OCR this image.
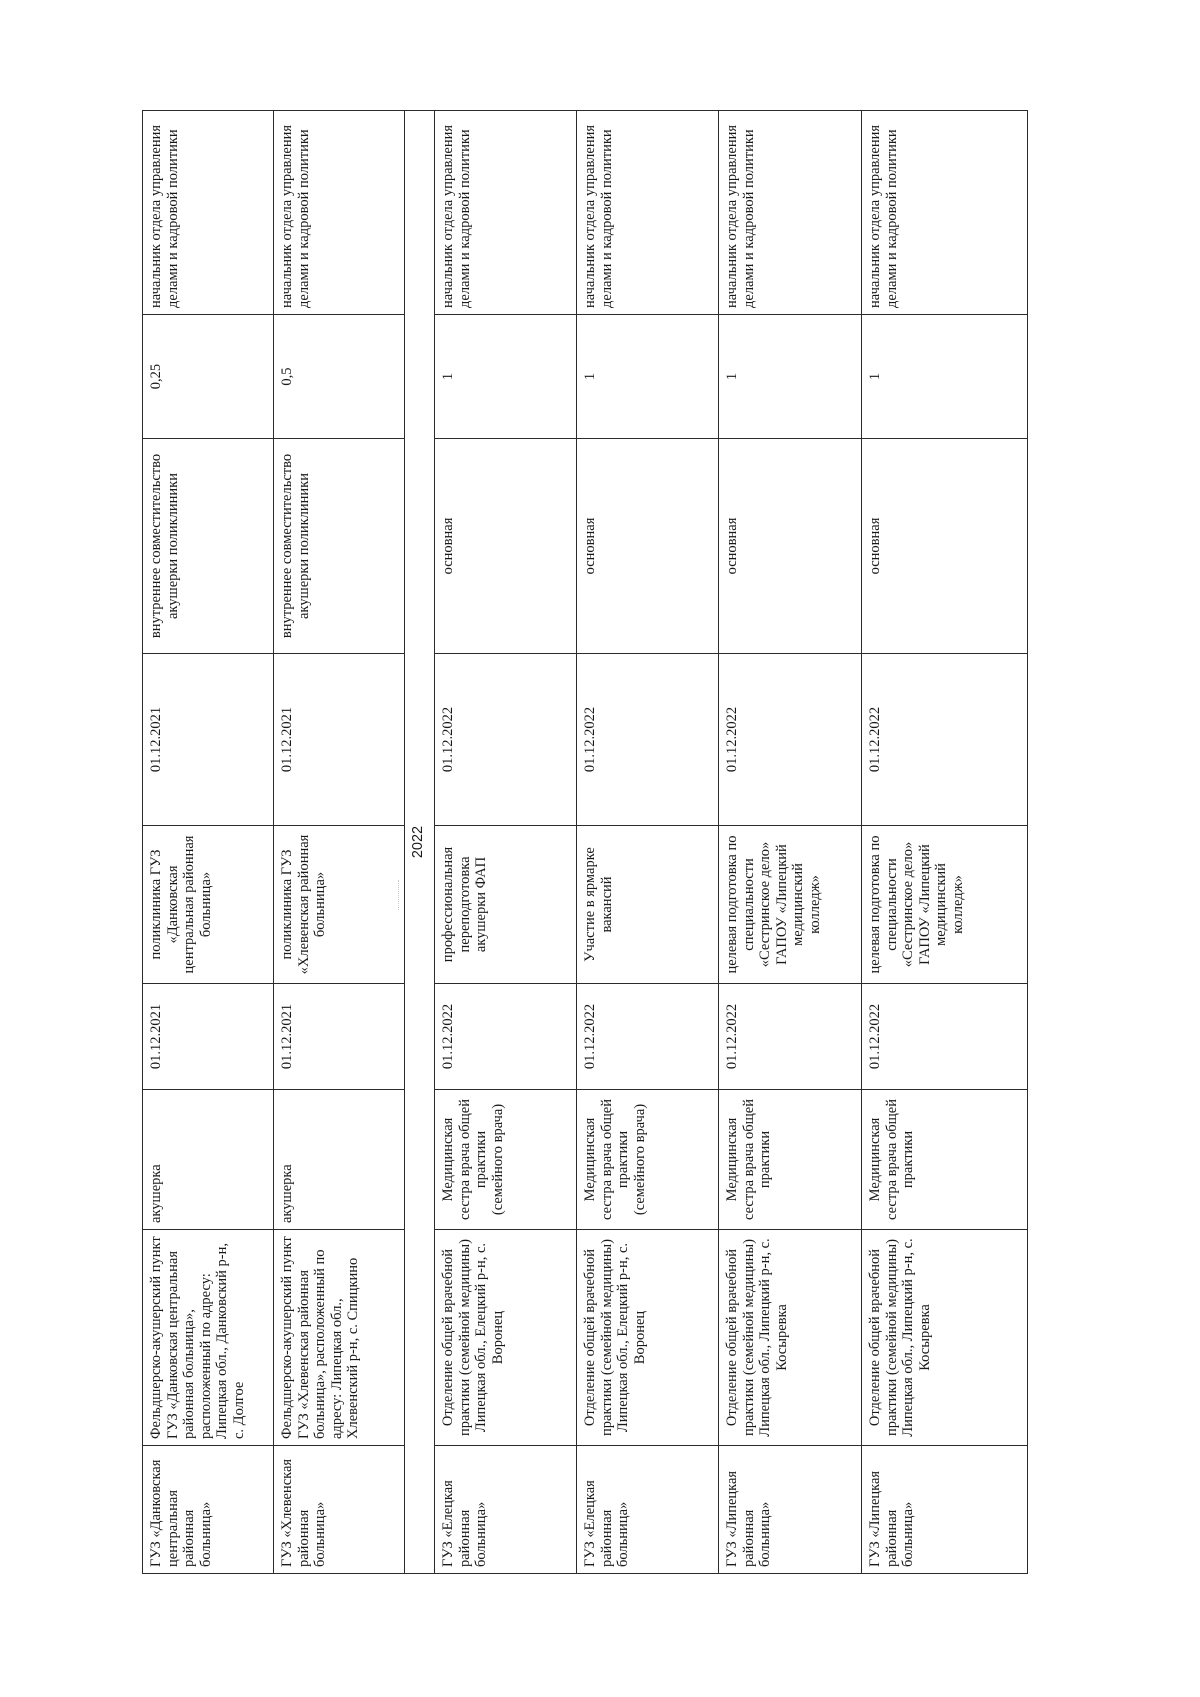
ГУЗ «Данковская центральная районная больница»	Фельдшерско-акушерский пункт ГУЗ «Данковская центральная районная больница», расположенный по адресу: Липецкая обл., Данковский р-н, с. Долгое	акушерка	01.12.2021	поликлиника ГУЗ «Данковская центральная районная больница»	01.12.2021	внутреннее совместительство акушерки поликлиники	0,25	начальник отдела управления делами и кадровой политики
ГУЗ «Хлевенская районная больница»	Фельдшерско-акушерский пункт ГУЗ «Хлевенская районная больница», расположенный по адресу: Липецкая обл., Хлевенский р-н, с. Спицкино	акушерка	01.12.2021	поликлиника ГУЗ «Хлевенская районная больница»	01.12.2021	внутреннее совместительство акушерки поликлиники	0,5	начальник отдела управления делами и кадровой политики
2022								
ГУЗ «Елецкая районная больница»	Отделение общей врачебной практики (семейной медицины) Липецкая обл., Елецкий р-н, с. Воронец	Медицинская сестра врача общей практики (семейного врача)	01.12.2022	профессиональная переподготовка акушерки ФАП	01.12.2022	основная	1	начальник отдела управления делами и кадровой политики
ГУЗ «Елецкая районная больница»	Отделение общей врачебной практики (семейной медицины) Липецкая обл., Елецкий р-н, с. Воронец	Медицинская сестра врача общей практики (семейного врача)	01.12.2022	Участие в ярмарке вакансий	01.12.2022	основная	1	начальник отдела управления делами и кадровой политики
ГУЗ «Липецкая районная больница»	Отделение общей врачебной практики (семейной медицины) Липецкая обл., Липецкий р-н, с. Косыревка	Медицинская сестра врача общей практики	01.12.2022	целевая подготовка по специальности «Сестринское дело» ГАПОУ «Липецкий медицинский колледж»	01.12.2022	основная	1	начальник отдела управления делами и кадровой политики
ГУЗ «Липецкая районная больница»	Отделение общей врачебной практики (семейной медицины) Липецкая обл., Липецкий р-н, с. Косыревка	Медицинская сестра врача общей практики	01.12.2022	целевая подготовка по специальности «Сестринское дело» ГАПОУ «Липецкий медицинский колледж»	01.12.2022	основная	1	начальник отдела управления делами и кадровой политики
